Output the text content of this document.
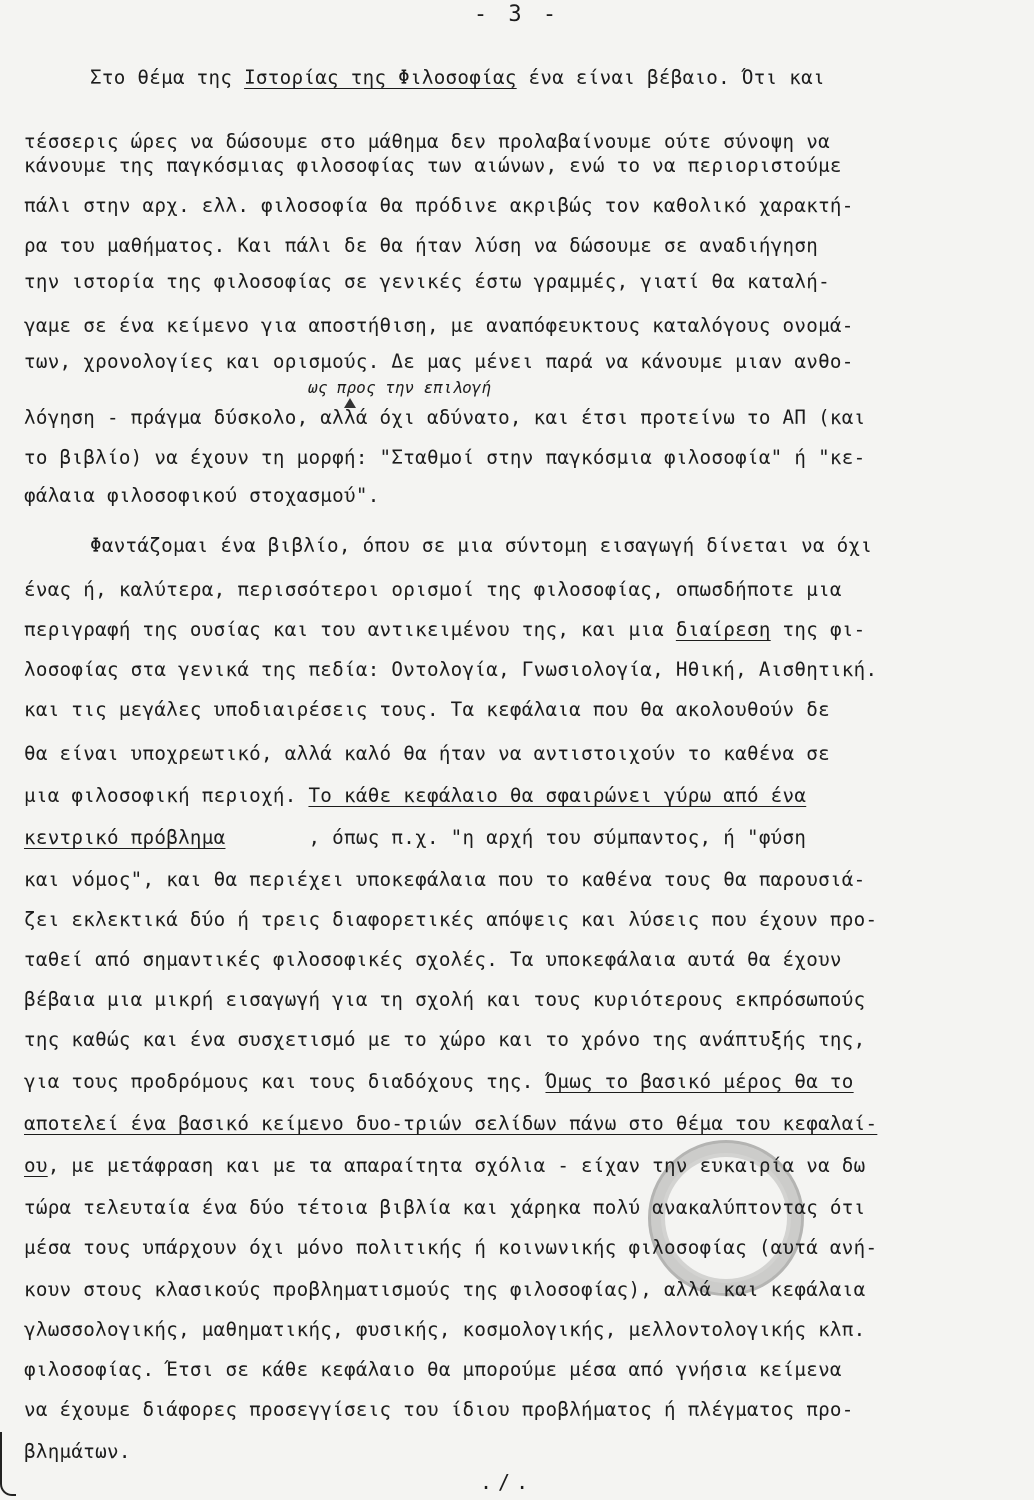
- 3 -
Στο θέμα της Ιστορίας της Φιλοσοφίας ένα είναι βέβαιο. Ότι και
τέσσερις ώρες να δώσουμε στο μάθημα δεν προλαβαίνουμε ούτε σύνοψη να
κάνουμε της παγκόσμιας φιλοσοφίας των αιώνων, ενώ το να περιοριστούμε
πάλι στην αρχ. ελλ. φιλοσοφία θα πρόδινε ακριβώς τον καθολικό χαρακτή-
ρα του μαθήματος. Και πάλι δε θα ήταν λύση να δώσουμε σε αναδιήγηση
την ιστορία της φιλοσοφίας σε γενικές έστω γραμμές, γιατί θα καταλή-
γαμε σε ένα κείμενο για αποστήθιση, με αναπόφευκτους καταλόγους ονομά-
των, χρονολογίες και ορισμούς. Δε μας μένει παρά να κάνουμε μιαν ανθο-
λόγηση - πράγμα δύσκολο, αλλά όχι αδύνατο, και έτσι προτείνω το ΑΠ (και
το βιβλίο) να έχουν τη μορφή: "Σταθμοί στην παγκόσμια φιλοσοφία" ή "κε-
φάλαια φιλοσοφικού στοχασμού".
Φαντάζομαι ένα βιβλίο, όπου σε μια σύντομη εισαγωγή δίνεται να όχι
ένας ή, καλύτερα, περισσότεροι ορισμοί της φιλοσοφίας, οπωσδήποτε μια
περιγραφή της ουσίας και του αντικειμένου της, και μια διαίρεση της φι-
λοσοφίας στα γενικά της πεδία: Οντολογία, Γνωσιολογία, Ηθική, Αισθητική.
και τις μεγάλες υποδιαιρέσεις τους. Τα κεφάλαια που θα ακολουθούν δε
θα είναι υποχρεωτικό, αλλά καλό θα ήταν να αντιστοιχούν το καθένα σε
μια φιλοσοφική περιοχή. Το κάθε κεφάλαιο θα σφαιρώνει γύρω από ένα
κεντρικό πρόβλημα       , όπως π.χ. "η αρχή του σύμπαντος, ή "φύση
και νόμος", και θα περιέχει υποκεφάλαια που το καθένα τους θα παρουσιά-
ζει εκλεκτικά δύο ή τρεις διαφορετικές απόψεις και λύσεις που έχουν προ-
ταθεί από σημαντικές φιλοσοφικές σχολές. Τα υποκεφάλαια αυτά θα έχουν
βέβαια μια μικρή εισαγωγή για τη σχολή και τους κυριότερους εκπρόσωπούς
της καθώς και ένα συσχετισμό με το χώρο και το χρόνο της ανάπτυξής της,
για τους προδρόμους και τους διαδόχους της. Όμως το βασικό μέρος θα το
αποτελεί ένα βασικό κείμενο δυο-τριών σελίδων πάνω στο θέμα του κεφαλαί-
ου, με μετάφραση και με τα απαραίτητα σχόλια - είχαν την ευκαιρία να δω
τώρα τελευταία ένα δύο τέτοια βιβλία και χάρηκα πολύ ανακαλύπτοντας ότι
μέσα τους υπάρχουν όχι μόνο πολιτικής ή κοινωνικής φιλοσοφίας (αυτά ανή-
κουν στους κλασικούς προβληματισμούς της φιλοσοφίας), αλλά και κεφάλαια
γλωσσολογικής, μαθηματικής, φυσικής, κοσμολογικής, μελλοντολογικής κλπ.
φιλοσοφίας. Έτσι σε κάθε κεφάλαιο θα μπορούμε μέσα από γνήσια κείμενα
να έχουμε διάφορες προσεγγίσεις του ίδιου προβλήματος ή πλέγματος προ-
βλημάτων.
ως προς την επιλογή
./.
